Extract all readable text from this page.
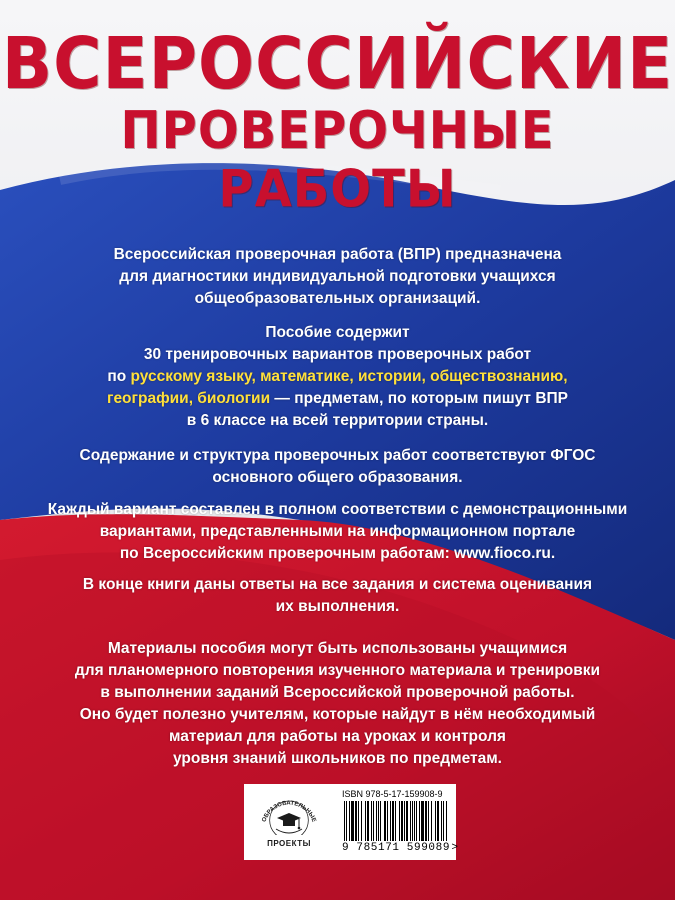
ВСЕРОССИЙСКИЕ
ПРОВЕРОЧНЫЕ РАБОТЫ

Всероссийская проверочная работа (ВПР) предназначена

для диагностики индивидуальной подготовки учащихся

общеобразовательных организаций.

Пособие содержит

30 тренировочных вариантов проверочных работ

по русскому языку, математике, истории, обществознанию,

географии, биологии — предметам, по которым пишут ВПР

в 6 классе на всей территории страны.

Содержание и структура проверочных работ соответствуют ФГОС

основного общего образования.

Каждый вариант составлен в полном соответствии с демонстрационными

вариантами, представленными на информационном портале

по Всероссийским проверочным работам: www.fioco.ru.

В конце книги даны ответы на все задания и система оценивания

их выполнения.

Материалы пособия могут быть использованы учащимися

для планомерного повторения изученного материала и тренировки

в выполнении заданий Всероссийской проверочной работы.

Оно будет полезно учителям, которые найдут в нём необходимый

материал для работы на уроках и контроля

уровня знаний школьников по предметам.

ОБРАЗОВАТЕЛЬНЫЕ
ПРОЕКТЫ
ISBN 978-5-17-159908-9
9 785171 599089 >
